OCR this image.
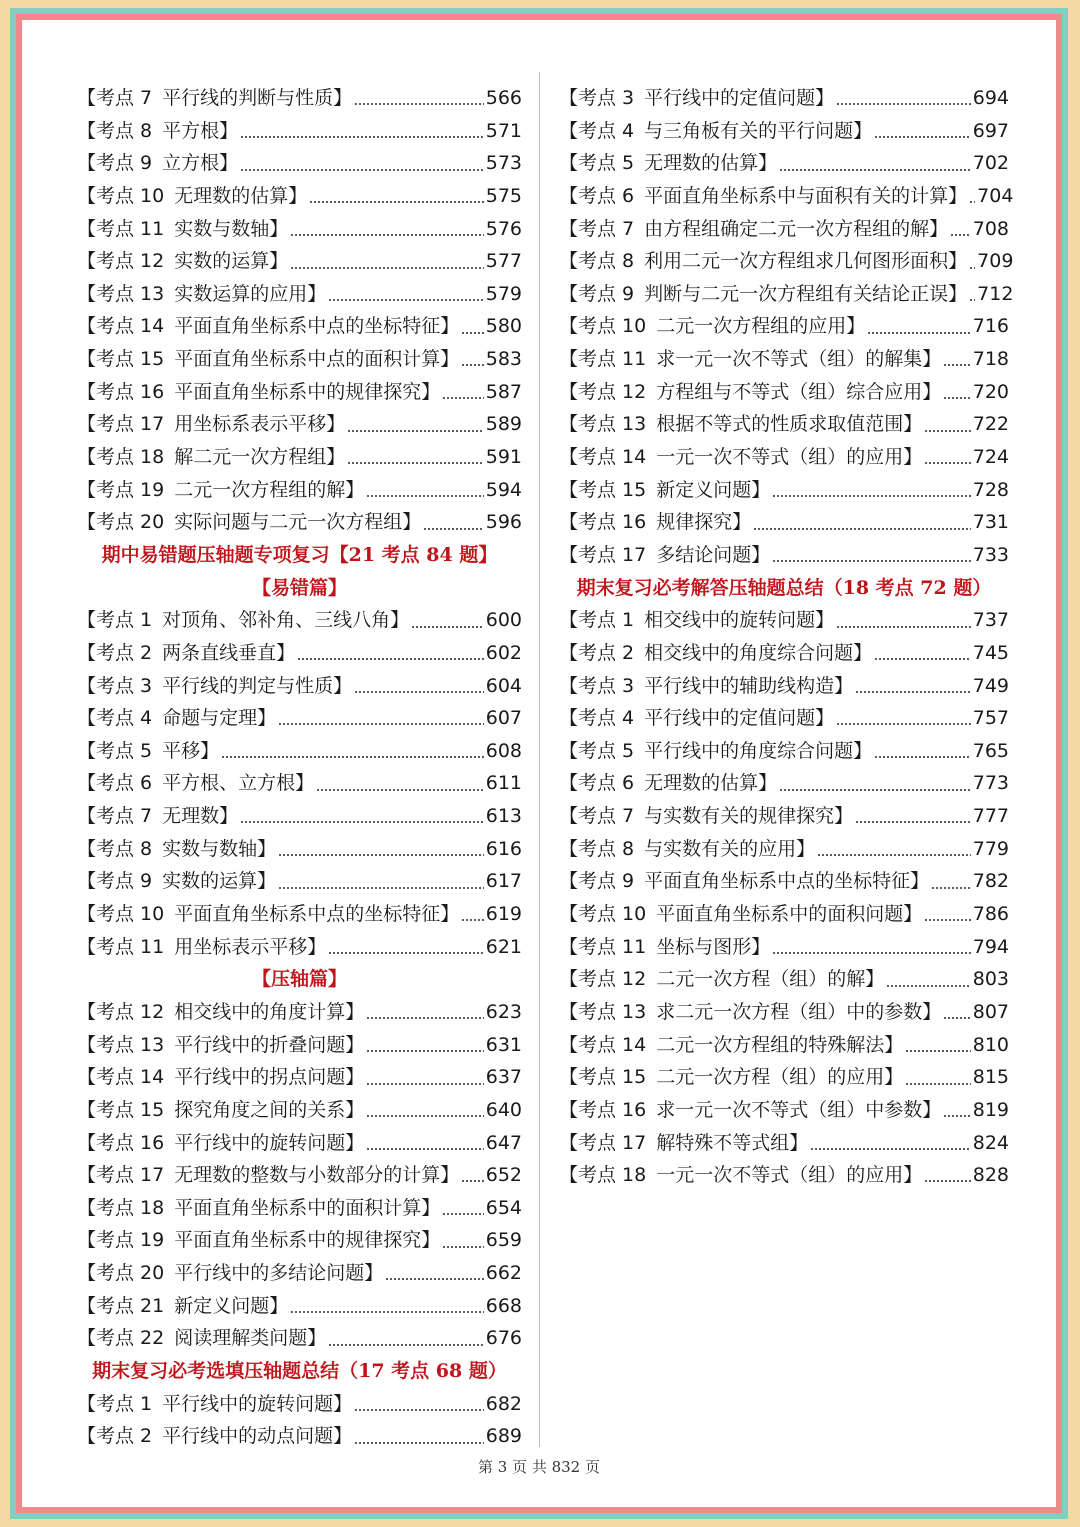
【考点 7 平行线的判断与性质】	566
【考点 8 平方根】	571
【考点 9 立方根】	573
【考点 10 无理数的估算】	575
【考点 11 实数与数轴】	576
【考点 12 实数的运算】	577
【考点 13 实数运算的应用】	579
【考点 14 平面直角坐标系中点的坐标特征】 580
【考点 15 平面直角坐标系中点的面积计算】 583
【考点 16 平面直角坐标系中的规律探究】 587
【考点 17 用坐标系表示平移】	589
【考点 18 解二元一次方程组】	591
【考点 19 二元一次方程组的解】	594
【考点 20 实际问题与二元一次方程组】	596
期中易错题压轴题专项复习【21 考点 84 题】
【易错篇】
【考点 1 对顶角、邻补角、三线八角】	600
【考点 2 两条直线垂直】	602
【考点 3 平行线的判定与性质】	604
【考点 4 命题与定理】	607
【考点 5 平移】	608
【考点 6 平方根、立方根】	611
【考点 7 无理数】	613
【考点 8 实数与数轴】	616
【考点 9 实数的运算】	617
【考点 10 平面直角坐标系中点的坐标特征】 619
【考点 11 用坐标表示平移】	621
【压轴篇】
【考点 12 相交线中的角度计算】	623
【考点 13 平行线中的折叠问题】	631
【考点 14 平行线中的拐点问题】	637
【考点 15 探究角度之间的关系】	640
【考点 16 平行线中的旋转问题】	647
【考点 17 无理数的整数与小数部分的计算】 652
【考点 18 平面直角坐标系中的面积计算】 654
【考点 19 平面直角坐标系中的规律探究】 659
【考点 20 平行线中的多结论问题】	662
【考点 21 新定义问题】	668
【考点 22 阅读理解类问题】	676
期末复习必考选填压轴题总结（17 考点 68 题）
【考点 1 平行线中的旋转问题】	682
【考点 2 平行线中的动点问题】	689
【考点 3 平行线中的定值问题】	694
【考点 4 与三角板有关的平行问题】	697
【考点 5 无理数的估算】	702
【考点 6 平面直角坐标系中与面积有关的计算】 704
【考点 7 由方程组确定二元一次方程组的解】 708
【考点 8 利用二元一次方程组求几何图形面积】 709
【考点 9 判断与二元一次方程组有关结论正误】 712
【考点 10 二元一次方程组的应用】	716
【考点 11 求一元一次不等式（组）的解集】 718
【考点 12 方程组与不等式（组）综合应用】 720
【考点 13 根据不等式的性质求取值范围】	722
【考点 14 一元一次不等式（组）的应用】	724
【考点 15 新定义问题】	728
【考点 16 规律探究】	731
【考点 17 多结论问题】	733
期末复习必考解答压轴题总结（18 考点 72 题）
【考点 1 相交线中的旋转问题】	737
【考点 2 相交线中的角度综合问题】	745
【考点 3 平行线中的辅助线构造】	749
【考点 4 平行线中的定值问题】	757
【考点 5 平行线中的角度综合问题】	765
【考点 6 无理数的估算】	773
【考点 7 与实数有关的规律探究】	777
【考点 8 与实数有关的应用】	779
【考点 9 平面直角坐标系中点的坐标特征】 782
【考点 10 平面直角坐标系中的面积问题】	786
【考点 11 坐标与图形】	794
【考点 12 二元一次方程（组）的解】	803
【考点 13 求二元一次方程（组）中的参数】 807
【考点 14 二元一次方程组的特殊解法】	810
【考点 15 二元一次方程（组）的应用】	815
【考点 16 求一元一次不等式（组）中参数】 819
【考点 17 解特殊不等式组】	824
【考点 18 一元一次不等式（组）的应用】	828
第 3 页 共 832 页
